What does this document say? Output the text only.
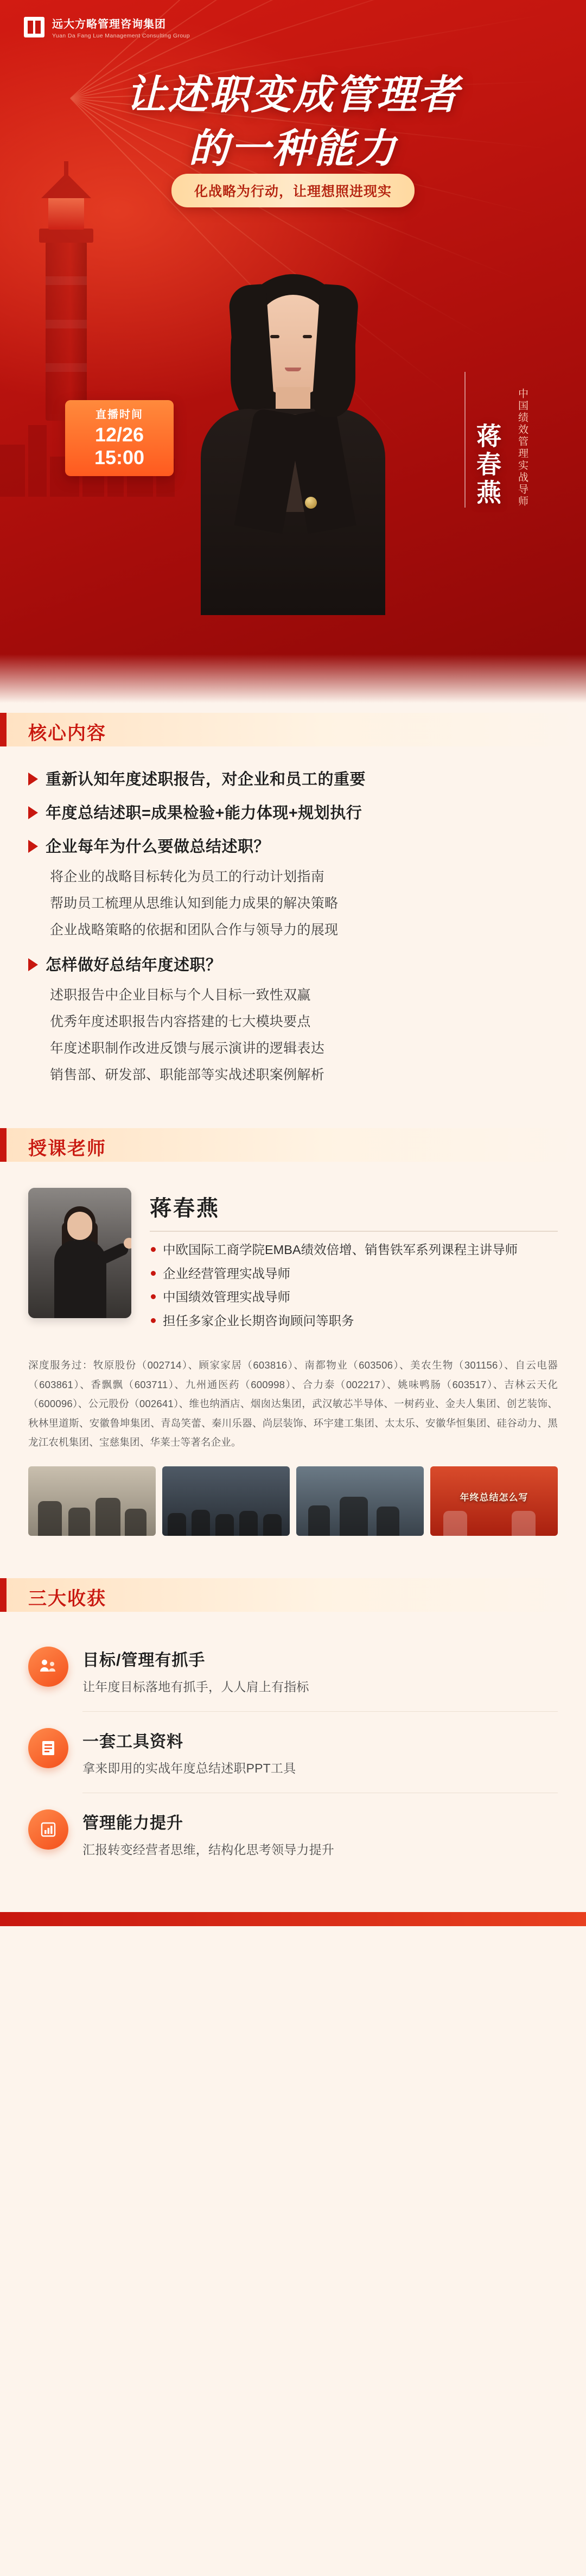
远大方略管理咨询集团
Yuan Da Fang Lue Management Consulting Group
让述职变成管理者
的一种能力
化战略为行动，让理想照进现实
直播时间
12/26
15:00	蒋春燕	中国绩效管理实战导师
核心内容
重新认知年度述职报告，对企业和员工的重要
年度总结述职=成果检验+能力体现+规划执行
企业每年为什么要做总结述职？
将企业的战略目标转化为员工的行动计划指南
帮助员工梳理从思维认知到能力成果的解决策略
企业战略策略的依据和团队合作与领导力的展现
怎样做好总结年度述职？
述职报告中企业目标与个人目标一致性双赢
优秀年度述职报告内容搭建的七大模块要点
年度述职制作改进反馈与展示演讲的逻辑表达
销售部、研发部、职能部等实战述职案例解析
授课老师
蒋春燕
中欧国际工商学院EMBA绩效倍增、销售铁军系列课程主讲导师
企业经营管理实战导师
中国绩效管理实战导师
担任多家企业长期咨询顾问等职务
深度服务过：牧原股份（002714）、顾家家居（603816）、南都物业（603506）、美农生物（301156）、自云电器（603861）、香飘飘（603711）、九州通医药（600998）、合力泰（002217）、姚味鸭肠（603517）、吉林云天化（600096）、公元股份（002641）、维也纳酒店、烟囱达集团，武汉敏芯半导体、一树药业、金夫人集团、创艺装饰、秋林里道斯、安徽鲁坤集团、青岛笑蕾、秦川乐器、尚层装饰、环宇建工集团、太太乐、安徽华恒集团、硅谷动力、黑龙江农机集团、宝慈集团、华莱士等著名企业。
年终总结怎么写
三大收获
目标/管理有抓手
让年度目标落地有抓手，人人肩上有指标
一套工具资料
拿来即用的实战年度总结述职PPT工具
管理能力提升
汇报转变经营者思维，结构化思考领导力提升
